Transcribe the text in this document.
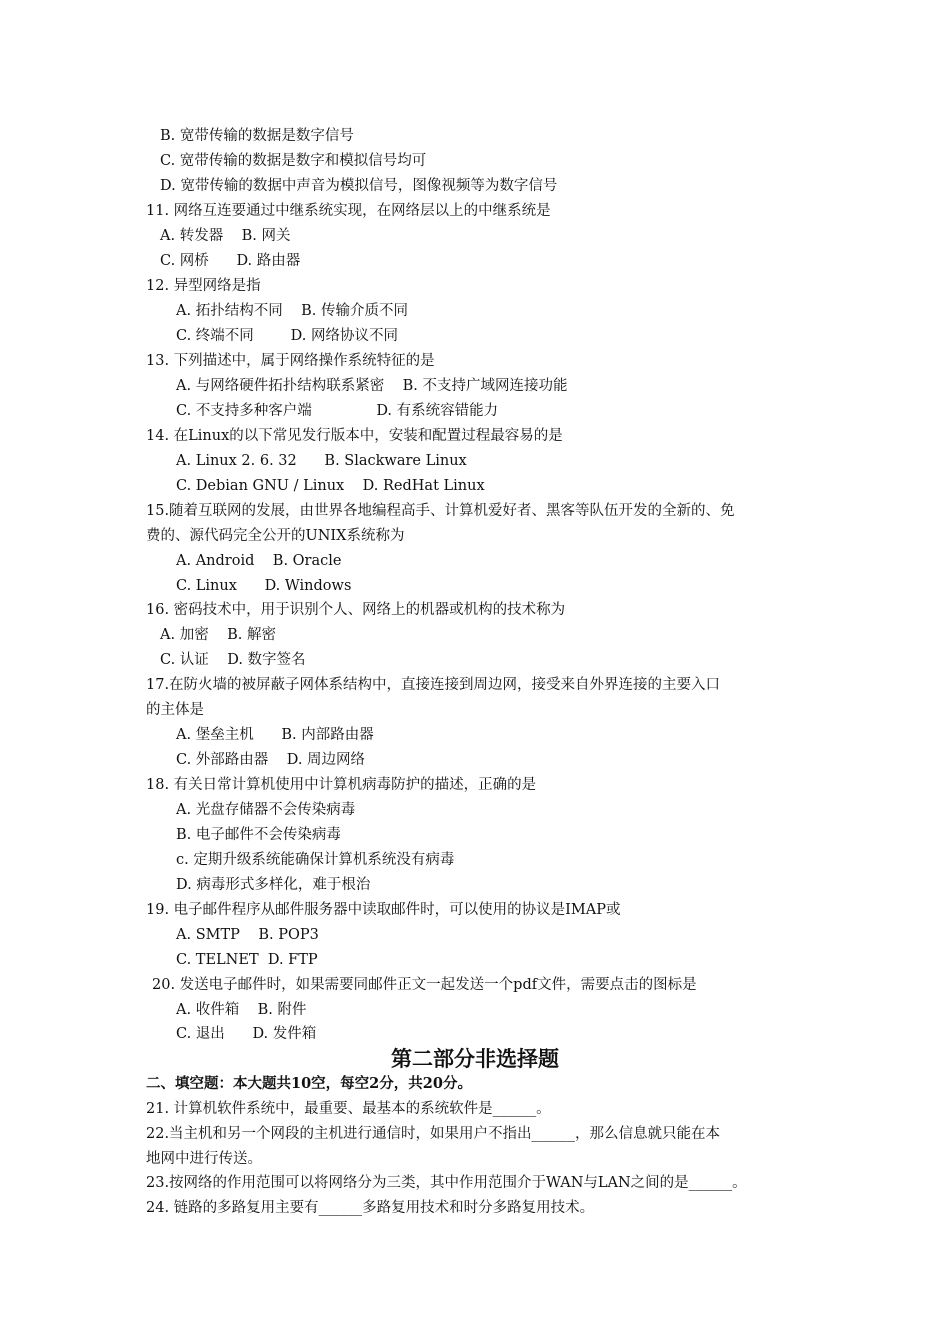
B. 宽带传输的数据是数字信号
C. 宽带传输的数据是数字和模拟信号均可
D. 宽带传输的数据中声音为模拟信号，图像视频等为数字信号
11. 网络互连要通过中继系统实现，在网络层以上的中继系统是
A. 转发器    B. 网关
C. 网桥      D. 路由器
12. 异型网络是指
A. 拓扑结构不同    B. 传输介质不同
C. 终端不同        D. 网络协议不同
13. 下列描述中，属于网络操作系统特征的是
A. 与网络硬件拓扑结构联系紧密    B. 不支持广域网连接功能
C. 不支持多种客户端              D. 有系统容错能力
14. 在Linux的以下常见发行版本中，安装和配置过程最容易的是
A. Linux 2. 6. 32      B. Slackware Linux
C. Debian GNU / Linux    D. RedHat Linux
15.随着互联网的发展，由世界各地编程高手、计算机爱好者、黑客等队伍开发的全新的、免
费的、源代码完全公开的UNIX系统称为
A. Android    B. Oracle
C. Linux      D. Windows
16. 密码技术中，用于识别个人、网络上的机器或机构的技术称为
A. 加密    B. 解密
C. 认证    D. 数字签名
17.在防火墙的被屏蔽子网体系结构中，直接连接到周边网，接受来自外界连接的主要入口
的主体是
A. 堡垒主机      B. 内部路由器
C. 外部路由器    D. 周边网络
18. 有关日常计算机使用中计算机病毒防护的描述，正确的是
A. 光盘存储器不会传染病毒
B. 电子邮件不会传染病毒
c. 定期升级系统能确保计算机系统没有病毒
D. 病毒形式多样化，难于根治
19. 电子邮件程序从邮件服务器中读取邮件时，可以使用的协议是IMAP或
A. SMTP    B. POP3
C. TELNET  D. FTP
20. 发送电子邮件时，如果需要同邮件正文一起发送一个pdf文件，需要点击的图标是
A. 收件箱    B. 附件
C. 退出      D. 发件箱
第二部分非选择题
二、填空题：本大题共10空，每空2分，共20分。
21. 计算机软件系统中，最重要、最基本的系统软件是______。
22.当主机和另一个网段的主机进行通信时，如果用户不指出______，那么信息就只能在本
地网中进行传送。
23.按网络的作用范围可以将网络分为三类，其中作用范围介于WAN与LAN之间的是______。
24. 链路的多路复用主要有______多路复用技术和时分多路复用技术。
